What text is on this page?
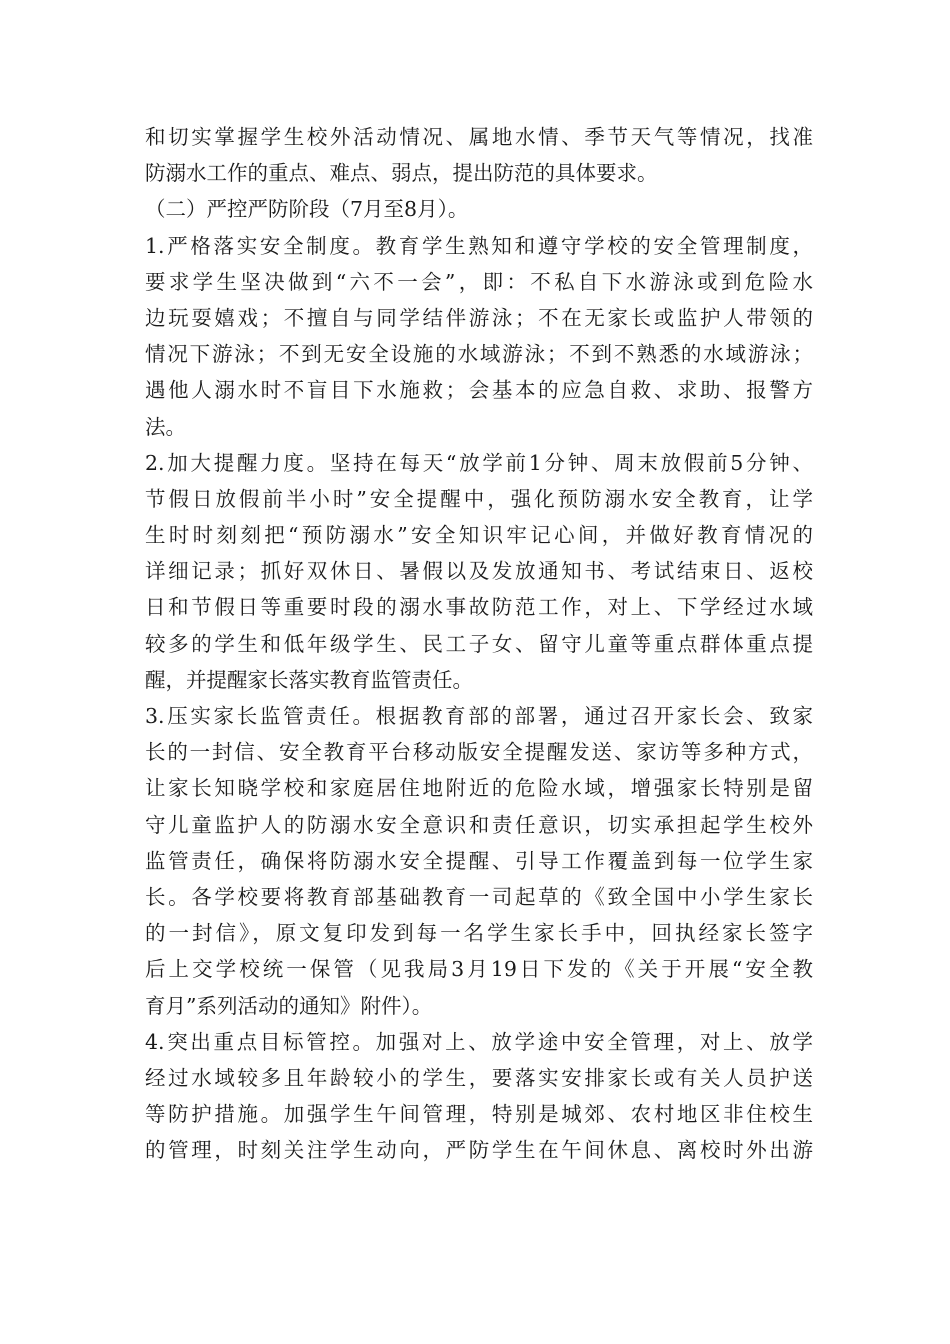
和切实掌握学生校外活动情况、属地水情、季节天气等情况，找准
防溺水工作的重点、难点、弱点，提出防范的具体要求。
（二）严控严防阶段（7月至8月）。
1.严格落实安全制度。教育学生熟知和遵守学校的安全管理制度，
要求学生坚决做到“六不一会”，即：不私自下水游泳或到危险水
边玩耍嬉戏；不擅自与同学结伴游泳；不在无家长或监护人带领的
情况下游泳；不到无安全设施的水域游泳；不到不熟悉的水域游泳；
遇他人溺水时不盲目下水施救；会基本的应急自救、求助、报警方
法。
2.加大提醒力度。坚持在每天“放学前1分钟、周末放假前5分钟、
节假日放假前半小时”安全提醒中，强化预防溺水安全教育，让学
生时时刻刻把“预防溺水”安全知识牢记心间，并做好教育情况的
详细记录；抓好双休日、暑假以及发放通知书、考试结束日、返校
日和节假日等重要时段的溺水事故防范工作，对上、下学经过水域
较多的学生和低年级学生、民工子女、留守儿童等重点群体重点提
醒，并提醒家长落实教育监管责任。
3.压实家长监管责任。根据教育部的部署，通过召开家长会、致家
长的一封信、安全教育平台移动版安全提醒发送、家访等多种方式，
让家长知晓学校和家庭居住地附近的危险水域，增强家长特别是留
守儿童监护人的防溺水安全意识和责任意识，切实承担起学生校外
监管责任，确保将防溺水安全提醒、引导工作覆盖到每一位学生家
长。各学校要将教育部基础教育一司起草的《致全国中小学生家长
的一封信》，原文复印发到每一名学生家长手中，回执经家长签字
后上交学校统一保管（见我局3月19日下发的《关于开展“安全教
育月”系列活动的通知》附件）。
4.突出重点目标管控。加强对上、放学途中安全管理，对上、放学
经过水域较多且年龄较小的学生，要落实安排家长或有关人员护送
等防护措施。加强学生午间管理，特别是城郊、农村地区非住校生
的管理，时刻关注学生动向，严防学生在午间休息、离校时外出游
